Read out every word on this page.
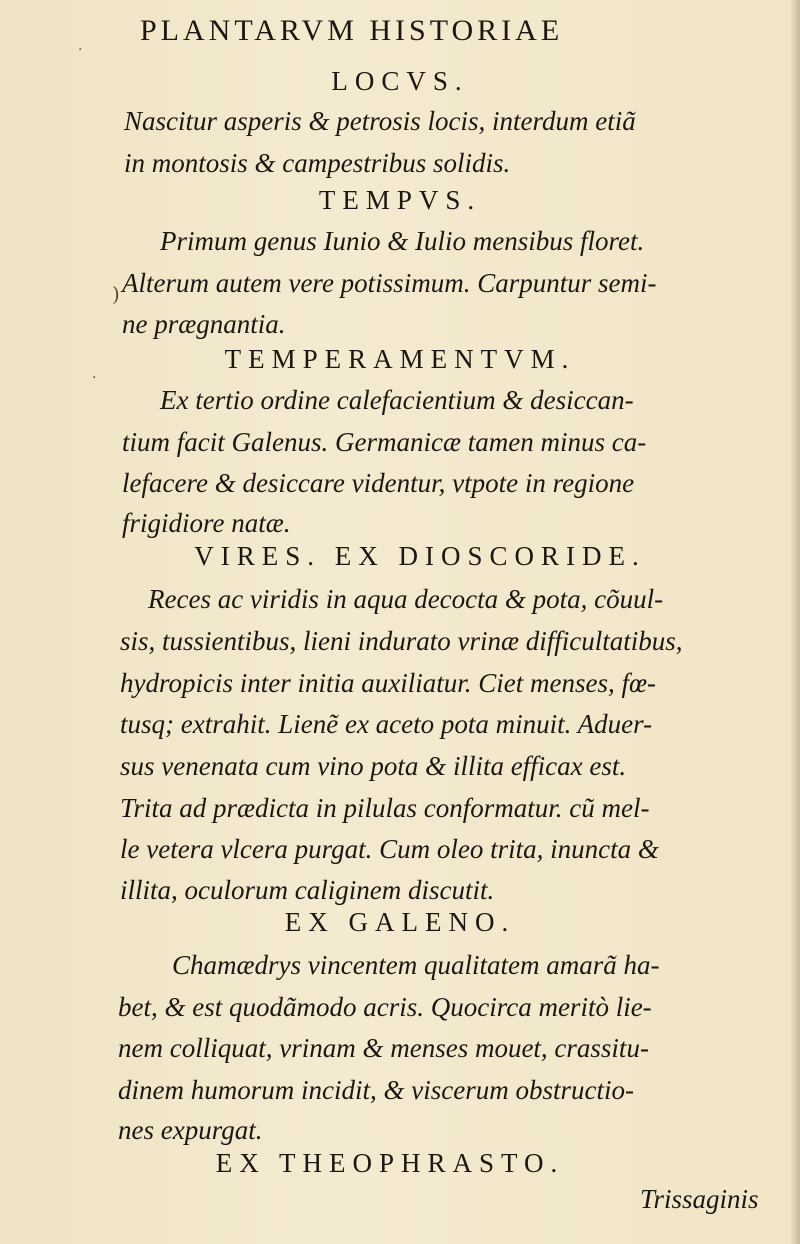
·
)
·
PLANTARVM HISTORIAE
LOCVS.
Nascitur asperis & petrosis locis, interdum etiã
in montosis & campestribus solidis.
TEMPVS.
Primum genus Iunio & Iulio mensibus floret.
Alterum autem vere potissimum. Carpuntur semi-
ne prægnantia.
TEMPERAMENTVM.
Ex tertio ordine calefacientium & desiccan-
tium facit Galenus. Germanicæ tamen minus ca-
lefacere & desiccare videntur, vtpote in regione
frigidiore natæ.
VIRES. EX DIOSCORIDE.
Reces ac viridis in aqua decocta & pota, cõuul-
sis, tussientibus, lieni indurato vrinæ difficultatibus,
hydropicis inter initia auxiliatur. Ciet menses, fœ-
tusq; extrahit. Lienẽ ex aceto pota minuit. Aduer-
sus venenata cum vino pota & illita efficax est.
Trita ad prædicta in pilulas conformatur. cũ mel-
le vetera vlcera purgat. Cum oleo trita, inuncta &
illita, oculorum caliginem discutit.
EX GALENO.
Chamædrys vincentem qualitatem amarã ha-
bet, & est quodãmodo acris. Quocirca meritò lie-
nem colliquat, vrinam & menses mouet, crassitu-
dinem humorum incidit, & viscerum obstructio-
nes expurgat.
EX THEOPHRASTO.
Trissaginis
